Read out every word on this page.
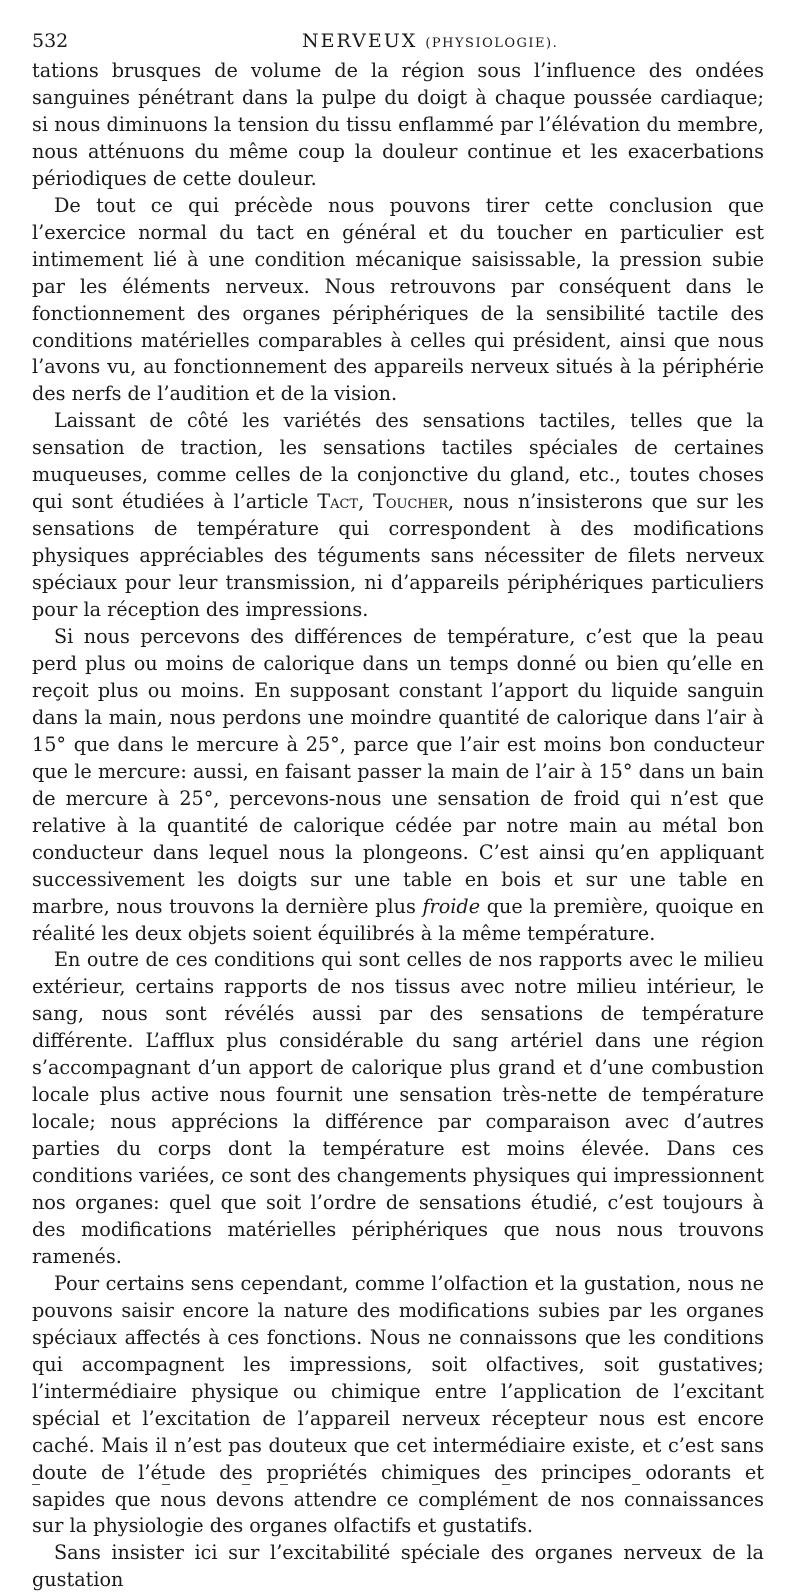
532	NERVEUX (PHYSIOLOGIE).

tations brusques de volume de la région sous l’influence des ondées sanguines pénétrant dans la pulpe du doigt à chaque poussée cardiaque; si nous diminuons la tension du tissu enflammé par l’élévation du membre, nous atténuons du même coup la douleur continue et les exacerbations périodiques de cette douleur.

De tout ce qui précède nous pouvons tirer cette conclusion que l’exercice normal du tact en général et du toucher en particulier est intimement lié à une condition mécanique saisissable, la pression subie par les éléments nerveux. Nous retrouvons par conséquent dans le fonctionnement des organes périphériques de la sensibilité tactile des conditions matérielles comparables à celles qui président, ainsi que nous l’avons vu, au fonctionnement des appareils nerveux situés à la périphérie des nerfs de l’audition et de la vision.

Laissant de côté les variétés des sensations tactiles, telles que la sensation de traction, les sensations tactiles spéciales de certaines muqueuses, comme celles de la conjonctive du gland, etc., toutes choses qui sont étudiées à l’article Tact, Toucher, nous n’insisterons que sur les sensations de température qui correspondent à des modifications physiques appréciables des téguments sans nécessiter de filets nerveux spéciaux pour leur transmission, ni d’appareils périphériques particuliers pour la réception des impressions.

Si nous percevons des différences de température, c’est que la peau perd plus ou moins de calorique dans un temps donné ou bien qu’elle en reçoit plus ou moins. En supposant constant l’apport du liquide sanguin dans la main, nous perdons une moindre quantité de calorique dans l’air à 15° que dans le mercure à 25°, parce que l’air est moins bon conducteur que le mercure: aussi, en faisant passer la main de l’air à 15° dans un bain de mercure à 25°, percevons-nous une sensation de froid qui n’est que relative à la quantité de calorique cédée par notre main au métal bon conducteur dans lequel nous la plongeons. C’est ainsi qu’en appliquant successivement les doigts sur une table en bois et sur une table en marbre, nous trouvons la dernière plus froide que la première, quoique en réalité les deux objets soient équilibrés à la même température.

En outre de ces conditions qui sont celles de nos rapports avec le milieu extérieur, certains rapports de nos tissus avec notre milieu intérieur, le sang, nous sont révélés aussi par des sensations de température différente. L’afflux plus considérable du sang artériel dans une région s’accompagnant d’un apport de calorique plus grand et d’une combustion locale plus active nous fournit une sensation très-nette de température locale; nous apprécions la différence par comparaison avec d’autres parties du corps dont la température est moins élevée. Dans ces conditions variées, ce sont des changements physiques qui impressionnent nos organes: quel que soit l’ordre de sensations étudié, c’est toujours à des modifications matérielles périphériques que nous nous trouvons ramenés.

Pour certains sens cependant, comme l’olfaction et la gustation, nous ne pouvons saisir encore la nature des modifications subies par les organes spéciaux affectés à ces fonctions. Nous ne connaissons que les conditions qui accompagnent les impressions, soit olfactives, soit gustatives; l’intermédiaire physique ou chimique entre l’application de l’excitant spécial et l’excitation de l’appareil nerveux récepteur nous est encore caché. Mais il n’est pas douteux que cet intermédiaire existe, et c’est sans doute de l’étude des propriétés chimiques des principes odorants et sapides que nous devons attendre ce complément de nos connaissances sur la physiologie des organes olfactifs et gustatifs.

Sans insister ici sur l’excitabilité spéciale des organes nerveux de la gustation
